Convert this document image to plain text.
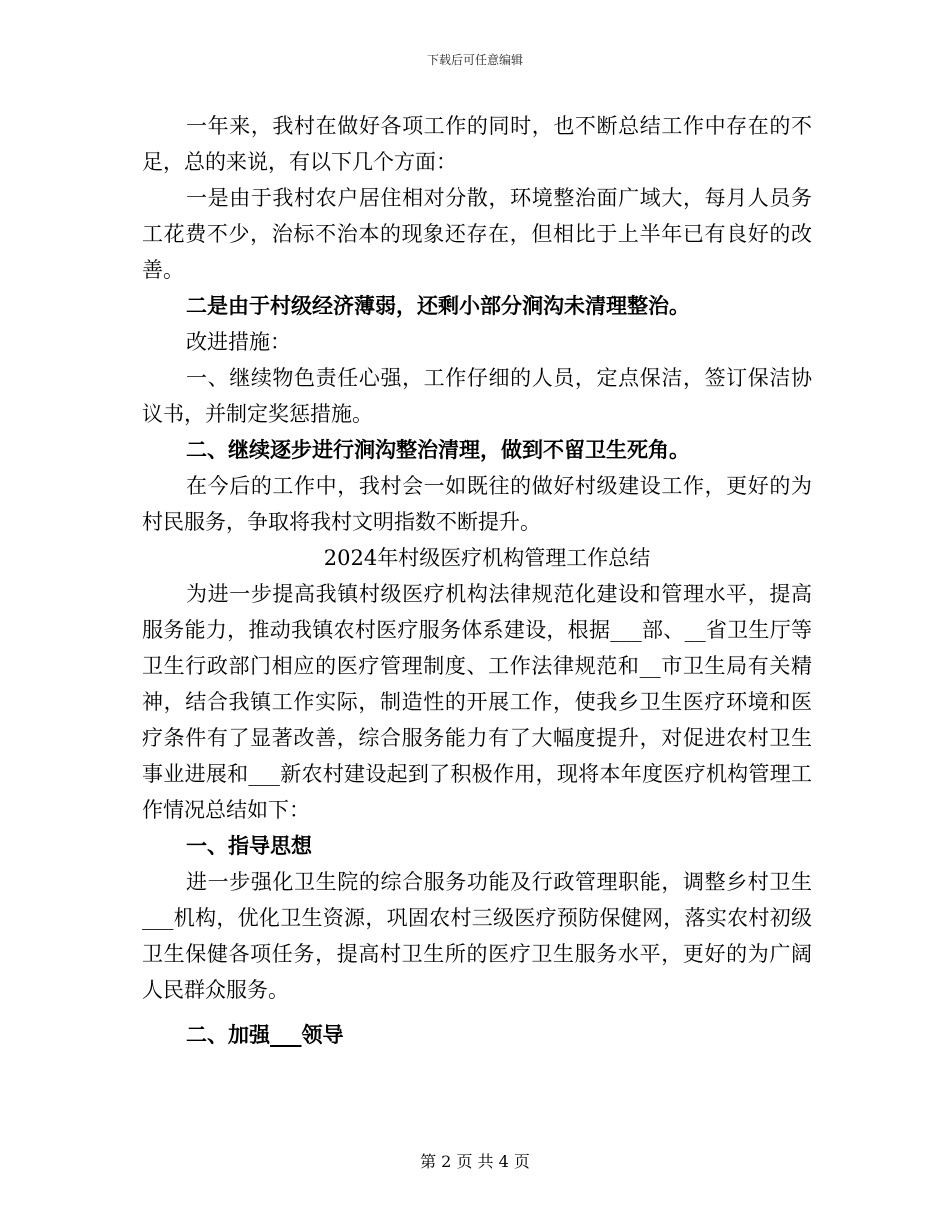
下载后可任意编辑

一年来，我村在做好各项工作的同时，也不断总结工作中存在的不足，总的来说，有以下几个方面：

一是由于我村农户居住相对分散，环境整治面广域大，每月人员务工花费不少，治标不治本的现象还存在，但相比于上半年已有良好的改善。

二是由于村级经济薄弱，还剩小部分涧沟未清理整治。

改进措施：

一、继续物色责任心强，工作仔细的人员，定点保洁，签订保洁协议书，并制定奖惩措施。

二、继续逐步进行涧沟整治清理，做到不留卫生死角。

在今后的工作中，我村会一如既往的做好村级建设工作，更好的为村民服务，争取将我村文明指数不断提升。

2024年村级医疗机构管理工作总结

为进一步提高我镇村级医疗机构法律规范化建设和管理水平，提高服务能力，推动我镇农村医疗服务体系建设，根据___部、__省卫生厅等卫生行政部门相应的医疗管理制度、工作法律规范和__市卫生局有关精神，结合我镇工作实际，制造性的开展工作，使我乡卫生医疗环境和医疗条件有了显著改善，综合服务能力有了大幅度提升，对促进农村卫生事业进展和___新农村建设起到了积极作用，现将本年度医疗机构管理工作情况总结如下：

一、指导思想

进一步强化卫生院的综合服务功能及行政管理职能，调整乡村卫生___机构，优化卫生资源，巩固农村三级医疗预防保健网，落实农村初级卫生保健各项任务，提高村卫生所的医疗卫生服务水平，更好的为广阔人民群众服务。

二、加强___领导

第 2 页 共 4 页
